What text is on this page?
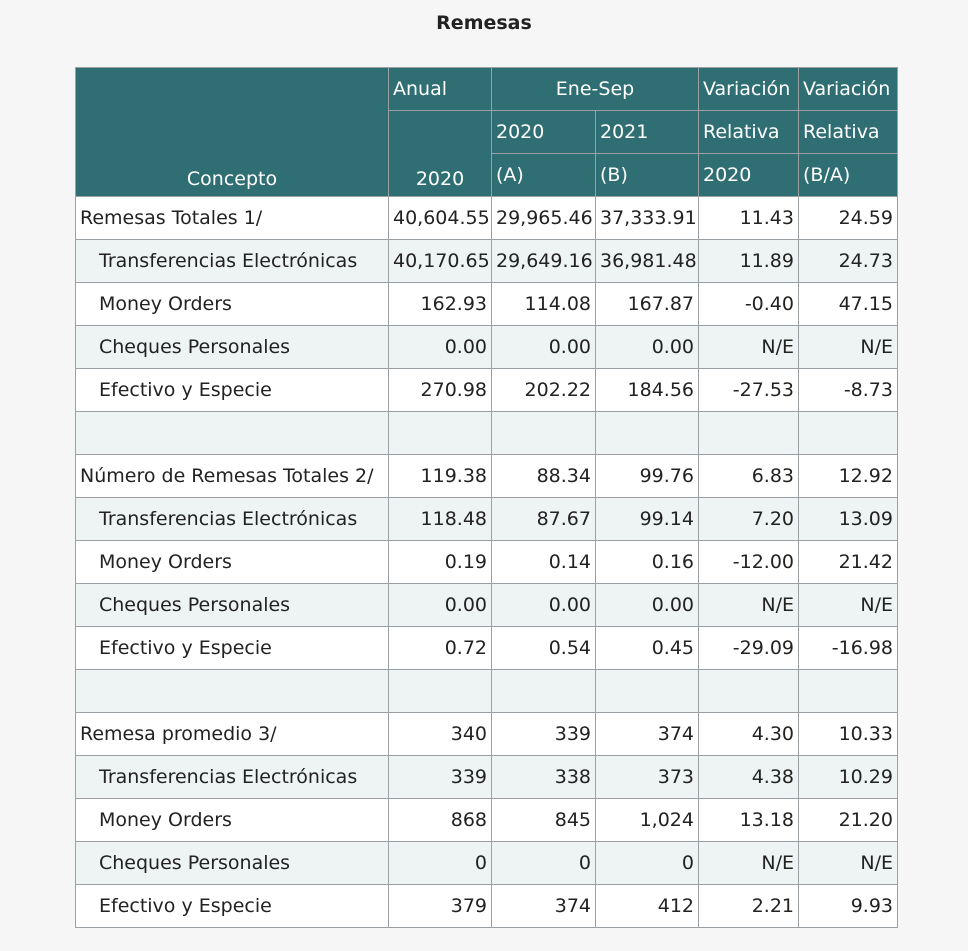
Remesas
Concepto	Anual	Ene-Sep		Variación	Variación
	2020	2020	2021	Relativa	Relativa
		(A)	(B)	2020	(B/A)
Remesas Totales 1/	40,604.55	29,965.46	37,333.91	11.43	24.59
Transferencias Electrónicas	40,170.65	29,649.16	36,981.48	11.89	24.73
Money Orders	162.93	114.08	167.87	-0.40	47.15
Cheques Personales	0.00	0.00	0.00	N/E	N/E
Efectivo y Especie	270.98	202.22	184.56	-27.53	-8.73

Número de Remesas Totales 2/	119.38	88.34	99.76	6.83	12.92
Transferencias Electrónicas	118.48	87.67	99.14	7.20	13.09
Money Orders	0.19	0.14	0.16	-12.00	21.42
Cheques Personales	0.00	0.00	0.00	N/E	N/E
Efectivo y Especie	0.72	0.54	0.45	-29.09	-16.98

Remesa promedio 3/	340	339	374	4.30	10.33
Transferencias Electrónicas	339	338	373	4.38	10.29
Money Orders	868	845	1,024	13.18	21.20
Cheques Personales	0	0	0	N/E	N/E
Efectivo y Especie	379	374	412	2.21	9.93
